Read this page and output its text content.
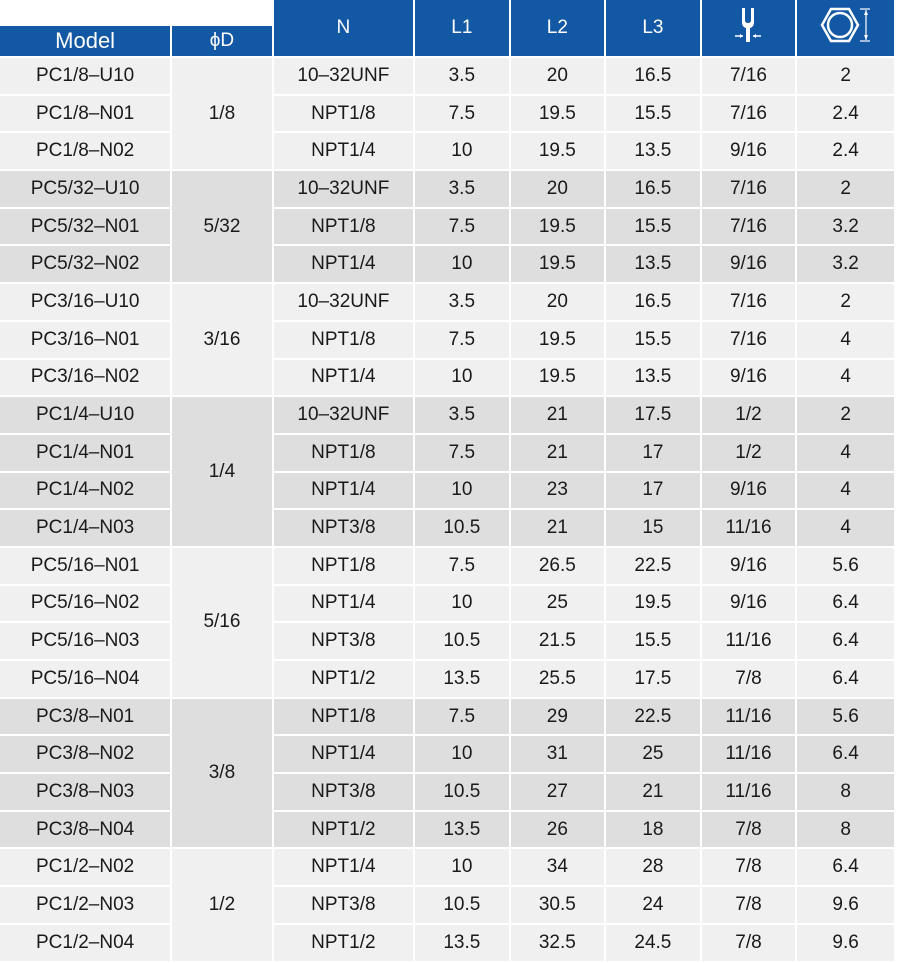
Model	ϕD	N	L1	L2	L3		
PC1/8–U10	1/8	10–32UNF	3.5	20	16.5	7/16	2
PC1/8–N01		NPT1/8	7.5	19.5	15.5	7/16	2.4
PC1/8–N02		NPT1/4	10	19.5	13.5	9/16	2.4
PC5/32–U10	5/32	10–32UNF	3.5	20	16.5	7/16	2
PC5/32–N01		NPT1/8	7.5	19.5	15.5	7/16	3.2
PC5/32–N02		NPT1/4	10	19.5	13.5	9/16	3.2
PC3/16–U10	3/16	10–32UNF	3.5	20	16.5	7/16	2
PC3/16–N01		NPT1/8	7.5	19.5	15.5	7/16	4
PC3/16–N02		NPT1/4	10	19.5	13.5	9/16	4
PC1/4–U10	1/4	10–32UNF	3.5	21	17.5	1/2	2
PC1/4–N01		NPT1/8	7.5	21	17	1/2	4
PC1/4–N02		NPT1/4	10	23	17	9/16	4
PC1/4–N03		NPT3/8	10.5	21	15	11/16	4
PC5/16–N01	5/16	NPT1/8	7.5	26.5	22.5	9/16	5.6
PC5/16–N02		NPT1/4	10	25	19.5	9/16	6.4
PC5/16–N03		NPT3/8	10.5	21.5	15.5	11/16	6.4
PC5/16–N04		NPT1/2	13.5	25.5	17.5	7/8	6.4
PC3/8–N01	3/8	NPT1/8	7.5	29	22.5	11/16	5.6
PC3/8–N02		NPT1/4	10	31	25	11/16	6.4
PC3/8–N03		NPT3/8	10.5	27	21	11/16	8
PC3/8–N04		NPT1/2	13.5	26	18	7/8	8
PC1/2–N02	1/2	NPT1/4	10	34	28	7/8	6.4
PC1/2–N03		NPT3/8	10.5	30.5	24	7/8	9.6
PC1/2–N04		NPT1/2	13.5	32.5	24.5	7/8	9.6
